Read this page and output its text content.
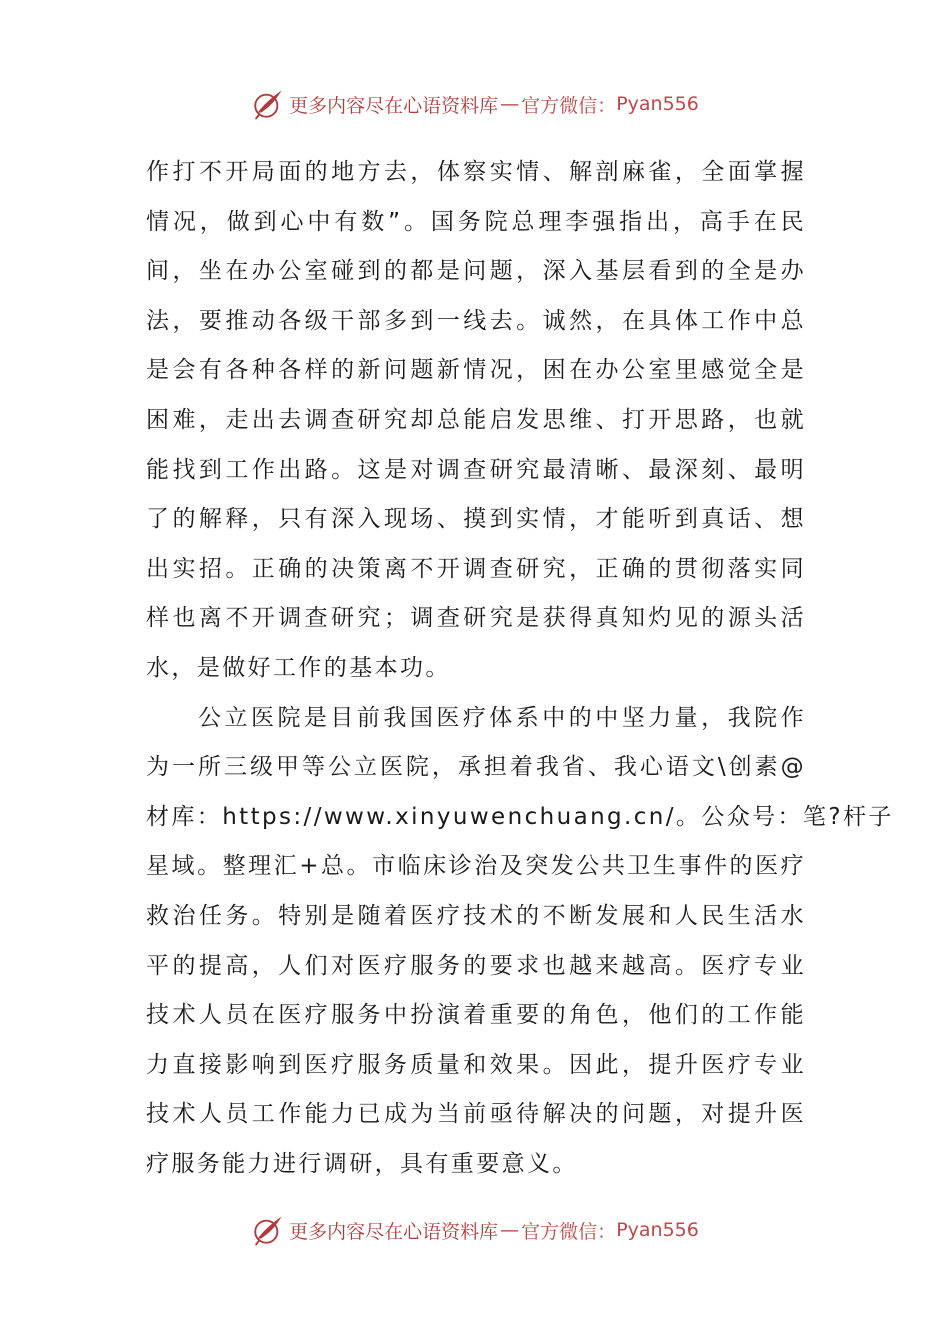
更多内容尽在心语资料库 — 官方微信： Pyan556
作打不开局面的地方去，体察实情、解剖麻雀，全面掌握
情况，做到心中有数”。国务院总理李强指出，高手在民
间，坐在办公室碰到的都是问题，深入基层看到的全是办
法，要推动各级干部多到一线去。诚然，在具体工作中总
是会有各种各样的新问题新情况，困在办公室里感觉全是
困难，走出去调查研究却总能启发思维、打开思路，也就
能找到工作出路。这是对调查研究最清晰、最深刻、最明
了的解释，只有深入现场、摸到实情，才能听到真话、想
出实招。正确的决策离不开调查研究，正确的贯彻落实同
样也离不开调查研究；调查研究是获得真知灼见的源头活
水，是做好工作的基本功。
公立医院是目前我国医疗体系中的中坚力量，我院作
为一所三级甲等公立医院，承担着我省、我心语文\创素@
材库：https://www.xinyuwenchuang.cn/。公众号：笔?杆子
星域。整理汇+总。市临床诊治及突发公共卫生事件的医疗
救治任务。特别是随着医疗技术的不断发展和人民生活水
平的提高，人们对医疗服务的要求也越来越高。医疗专业
技术人员在医疗服务中扮演着重要的角色，他们的工作能
力直接影响到医疗服务质量和效果。因此，提升医疗专业
技术人员工作能力已成为当前亟待解决的问题，对提升医
疗服务能力进行调研，具有重要意义。
更多内容尽在心语资料库 — 官方微信： Pyan556
